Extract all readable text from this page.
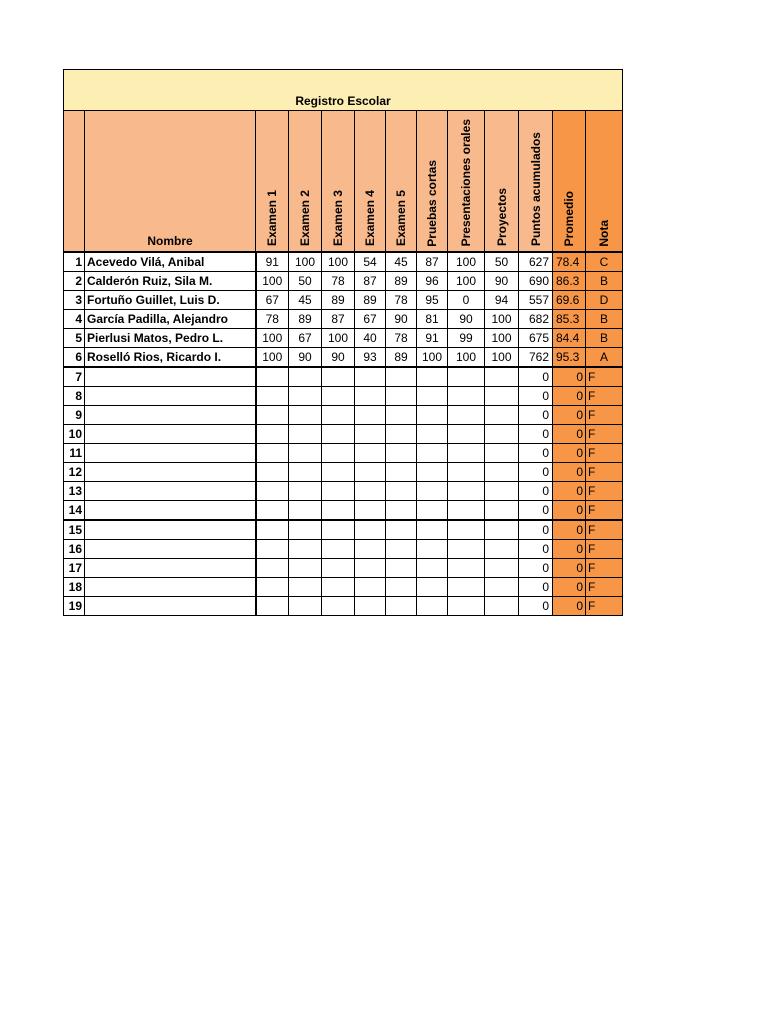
Registro Escolar												
	Nombre	Examen 1	Examen 2	Examen 3	Examen 4	Examen 5	Pruebas cortas	Presentaciones orales	Proyectos	Puntos acumulados	Promedio	Nota

1	Acevedo Vilá, Anibal	91	100	100	54	45	87	100	50	627	78.4	C
2	Calderón Ruiz, Sila M.	100	50	78	87	89	96	100	90	690	86.3	B
3	Fortuño Guillet, Luis D.	67	45	89	89	78	95	0	94	557	69.6	D
4	García Padilla, Alejandro	78	89	87	67	90	81	90	100	682	85.3	B
5	Pierlusi Matos, Pedro L.	100	67	100	40	78	91	99	100	675	84.4	B
6	Roselló Rios, Ricardo I.	100	90	90	93	89	100	100	100	762	95.3	A
7										0	0	F
8										0	0	F
9										0	0	F
10										0	0	F
11										0	0	F
12										0	0	F
13										0	0	F
14										0	0	F
15										0	0	F
16										0	0	F
17										0	0	F
18										0	0	F
19										0	0	F
